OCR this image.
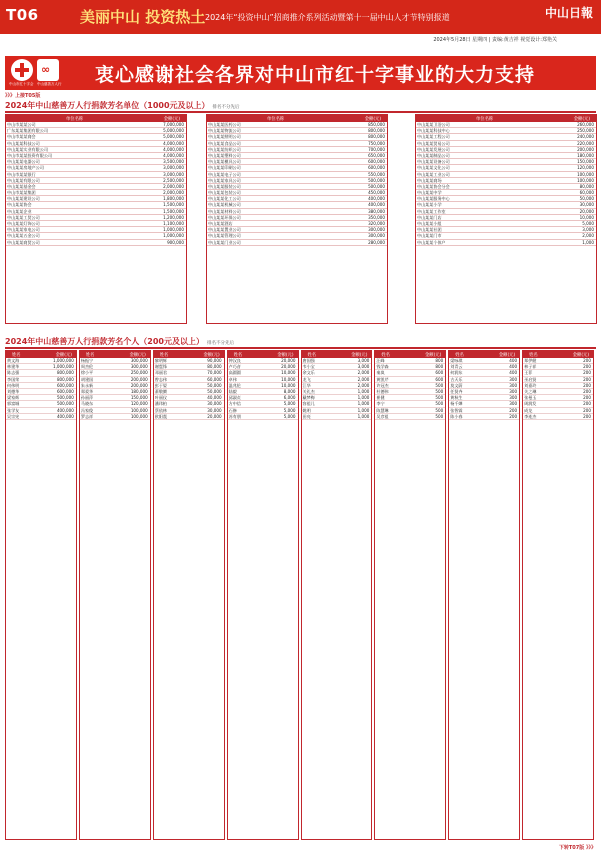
T06	美丽中山 投资热土 2024年“投资中山”招商推介系列活动暨第十一届中山人才节特别报道	中山日報
2024年5月28日 星期四 | 责编:黄吉祥 视觉设计:郑艳关
∞
中山市红十字会 中山慈善万人行 衷心感谢社会各界对中山市红十字事业的大力支持
》》》上接T05版
2024年中山慈善万人行捐款芳名单位（1000元及以上） 排名不分先后
单位名称	金额(元)
中山市某某公司	7,000,000
广东某某集团有限公司	5,000,000
中山市某某商会	5,000,000
中山某某科技公司	4,000,000
中山某某实业有限公司	4,000,000
中山市某某投资有限公司	4,000,000
中山某某电器公司	3,500,000
中山某某房地产公司	3,000,000
中山市某某银行	3,000,000
中山某某有限公司	2,500,000
中山某某基金会	2,000,000
中山市某某集团	2,000,000
中山某某建设公司	1,800,000
中山某某协会	1,500,000
中山某某企业	1,500,000
中山某某工贸公司	1,200,000
中山某某灯饰公司	1,100,000
中山某某家电公司	1,000,000
中山某某五金公司	1,000,000
中山某某商贸公司	900,000
单位名称	金额(元)
中山某某医药公司	850,000
中山某某物流公司	800,000
中山某某照明公司	800,000
中山某某食品公司	750,000
中山某某纺织公司	700,000
中山某某塑料公司	650,000
中山某某模具公司	600,000
中山某某印刷公司	600,000
中山某某电子公司	550,000
中山某某家具公司	500,000
中山某某服装公司	500,000
中山某某包装公司	450,000
中山某某化工公司	400,000
中山某某机械公司	400,000
中山某某材料公司	380,000
中山某某环保公司	350,000
中山某某酒店	320,000
中山某某置业公司	300,000
中山某某管理公司	300,000
中山某某门业公司	280,000
单位名称	金额(元)
中山某某卫浴公司	260,000
中山某某科技中心	250,000
中山某某工程公司	240,000
中山某某贸易公司	220,000
中山某某发展公司	200,000
中山某某制品公司	180,000
中山某某设备公司	150,000
中山某某文化公司	120,000
中山某某工业公司	100,000
中山某某商场	100,000
中山某某协会分会	80,000
中山某某中学	60,000
中山某某服务中心	50,000
中山某某小学	30,000
中山某某工作室	20,000
中山某某门店	10,000
中山某某小组	5,000
中山某某社团	3,000
中山某某门市	2,000
中山某某个体户	1,000
2024年中山慈善万人行捐款芳名个人（200元及以上） 排名不分先后
姓名	金额(元)
黄文海	1,000,000
林建华	1,000,000
陈志强	800,000
李国荣	800,000
何伟明	600,000
刘德华	600,000
梁家辉	500,000
郭富城	500,000
张学友	400,000
吴宗宪	400,000
姓名	金额(元)
杨振宁	300,000
周杰伦	300,000
徐小平	250,000
胡建国	200,000
朱永新	200,000
郑爱华	180,000
孙丽萍	150,000
马晓东	120,000
冯家俊	100,000
罗志祥	100,000
姓名	金额(元)
黎明辉	90,000
谢霆锋	80,000
邓丽君	70,000
曾志伟	60,000
彭于晏	50,000
萧敬腾	50,000
叶丽仪	40,000
潘玮柏	30,000
蔡依林	30,000
欧阳震	20,000
姓名	金额(元)
钟汉良	20,000
卢巧音	20,000
高圆圆	10,000
卓伟	10,000
温兆伦	10,000
陆毅	8,000
邱淑贞	6,000
方中信	5,000
石修	5,000
苏有朋	5,000
姓名	金额(元)
唐国强	3,000
韦小宝	3,000
余文乐	2,000
龙飞	2,000
江华	2,000
关礼杰	1,000
戴梦梅	1,000
容祖儿	1,000
姚明	1,000
田亮	1,000
姓名	金额(元)
汪峰	800
钱学森	800
秦岚	600
黄凯芹	600
许冠杰	500
杜德伟	500
崔健	500
李宁	500
陈慧琳	500
吴彦祖	500
姓名	金额(元)
梁咏琪	400
刘青云	400
何润东	400
古天乐	300
莫文蔚	300
任贤齐	300
黄秋生	300
杨千嬅	300
张智霖	200
陈小春	200
姓名	金额(元)
郑伊健	200
林子祥	200
王菲	200
巫启贤	200
刘嘉玲	200
关之琳	200
张曼玉	200
周润发	200
成龙	200
李连杰	200
下转T07版 》》》
